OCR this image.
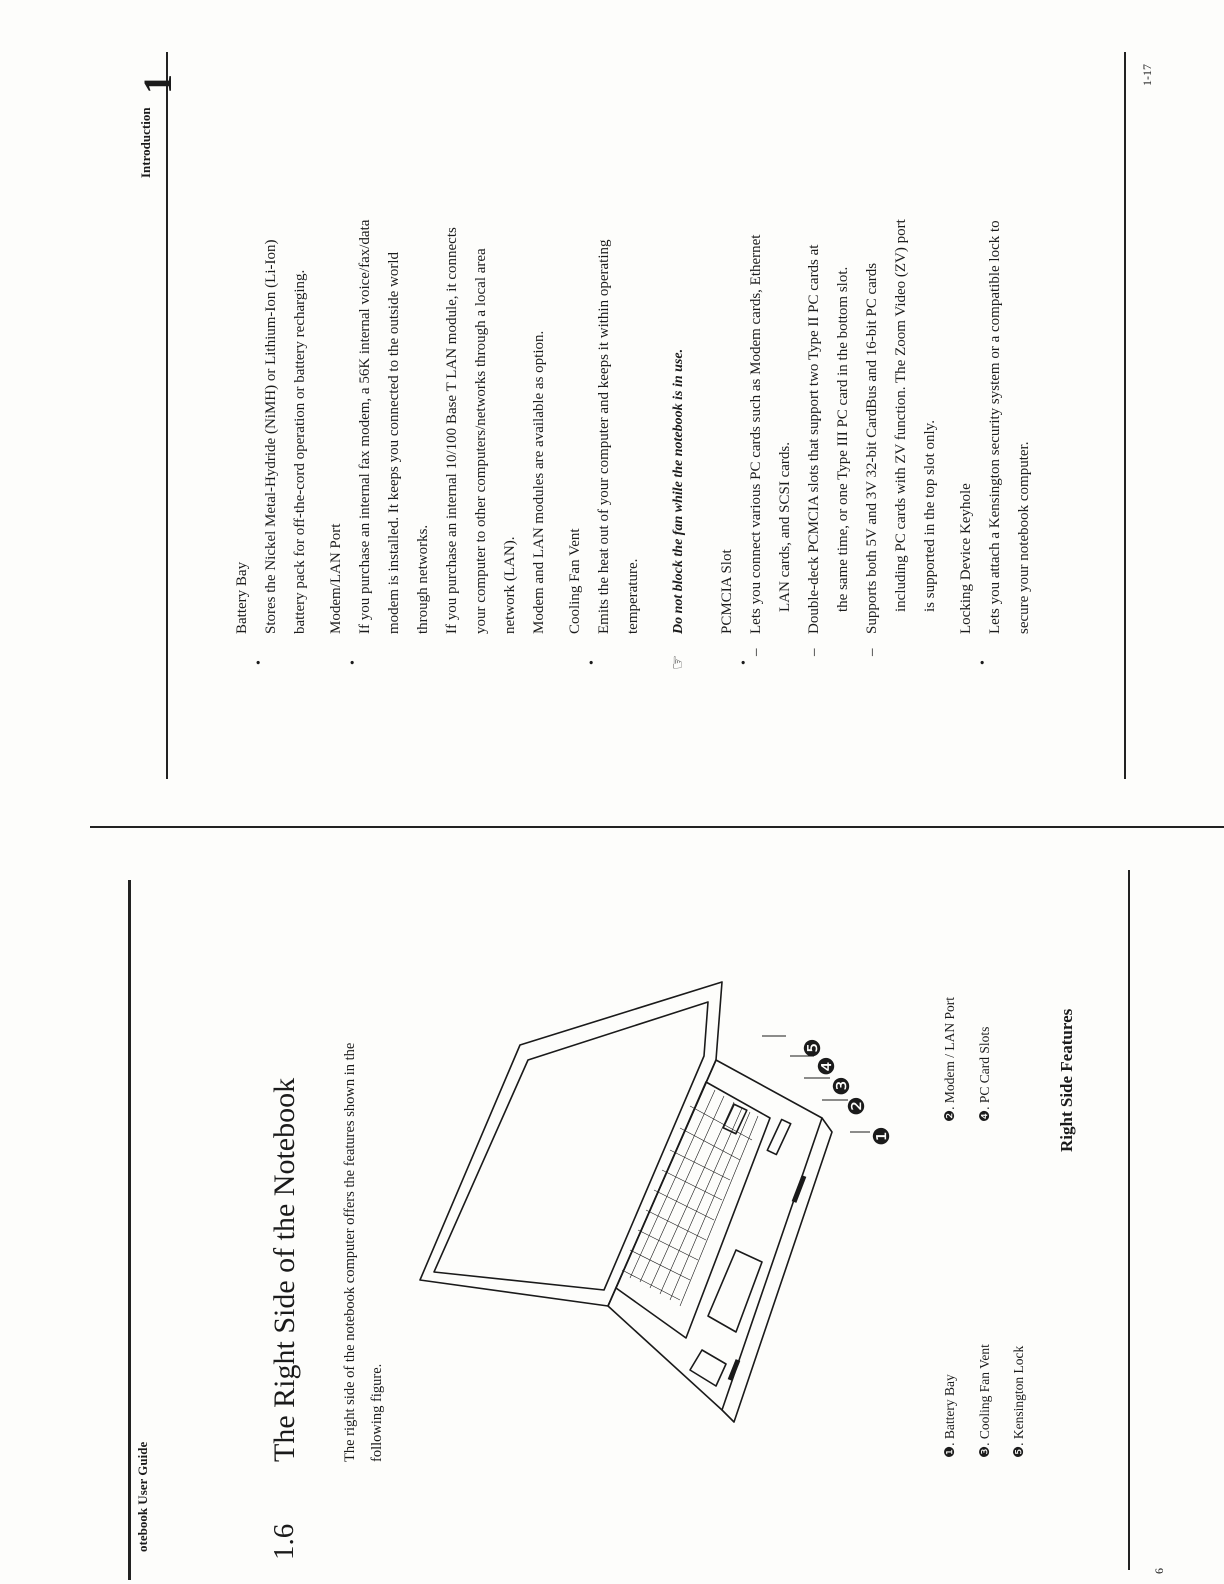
otebook User Guide	1.6
The Right Side of the Notebook	The right side of the notebook computer offers the features shown in the following figure.
❶
❷
❸
❹
❺
❶. Battery Bay
❷. Modem / LAN Port
❸. Cooling Fan Vent
❹. PC Card Slots
❺. Kensington Lock
Right Side Features
6
Introduction
1
•
Battery Bay Stores the Nickel Metal-Hydride (NiMH) or Lithium-Ion (Li-Ion) battery pack for off-the-cord operation or battery recharging.
•
Modem/LAN Port If you purchase an internal fax modem, a 56K internal voice/fax/data modem is installed. It keeps you connected to the outside world through networks. If you purchase an internal 10/100 Base T LAN module, it connects your computer to other computers/networks through a local area network (LAN). Modem and LAN modules are available as option.
•
Cooling Fan Vent Emits the heat out of your computer and keeps it within operating temperature.
☞
Do not block the fan while the notebook is in use.
•
PCMCIA Slot
–
Lets you connect various PC cards such as Modem cards, Ethernet LAN cards, and SCSI cards.
–
Double-deck PCMCIA slots that support two Type II PC cards at the same time, or one Type III PC card in the bottom slot.
–
Supports both 5V and 3V 32-bit CardBus and 16-bit PC cards including PC cards with ZV function. The Zoom Video (ZV) port is supported in the top slot only.
•
Locking Device Keyhole Lets you attach a Kensington security system or a compatible lock to secure your notebook computer.
1-17
